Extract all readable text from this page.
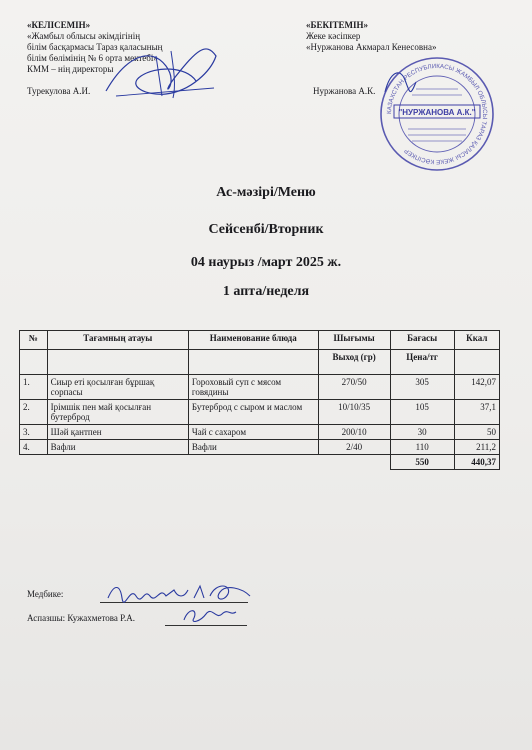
«КЕЛІСЕМІН»
«Жамбыл облысы әкімдігінің
білім басқармасы Тараз қаласының
білім бөлімінің № 6 орта мектебі»
КММ – нің директоры
Турекулова А.И.
«БЕКІТЕМІН»
Жеке кәсіпкер
«Нуржанова Акмарал Кенесовна»
Нуржанова А.К.
КАЗАХСТАН РЕСПУБЛИКАСЫ ЖАМБЫЛ ОБЛЫСЫ ТАРАЗ ҚАЛАСЫ ЖЕКЕ КӘСІПКЕР
"НУРЖАНОВА А.К."
Ас-мәзірі/Меню
Сейсенбі/Вторник
04 наурыз /март 2025 ж.
1 апта/неделя
№	Тағамның атауы	Наименование блюда	Шығымы	Бағасы	Ккал
			Выход (гр)	Цена/тг	
1.	Сиыр еті қосылған бұршақ сорпасы	Гороховый суп с мясом говядины	270/50	305	142,07
2.	Ірімшік пен май қосылған бутерброд	Бутерброд с сыром и маслом	10/10/35	105	37,1
3.	Шәй қантпен	Чай с сахаром	200/10	30	50
4.	Вафли	Вафли	2/40	110	211,2
				550	440,37
Медбике:
Аспазшы: Кужахметова Р.А.
